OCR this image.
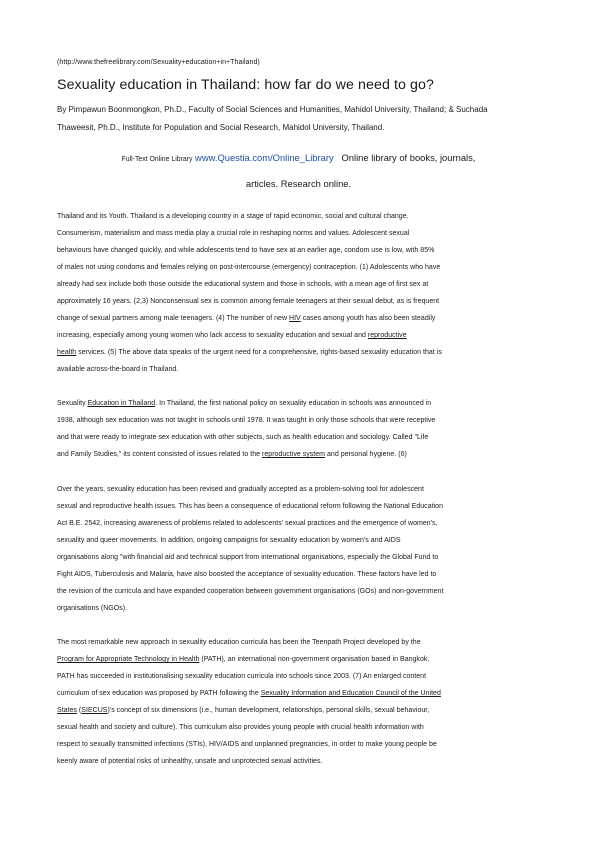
(http://www.thefreelibrary.com/Sexuality+education+in+Thailand)
Sexuality education in Thailand: how far do we need to go?
By Pimpawun Boonmongkon, Ph.D., Faculty of Social Sciences and Humanities, Mahidol University, Thailand; & Suchada
Thaweesit, Ph.D., Institute for Population and Social Research, Mahidol University, Thailand.
Full-Text Online Library www.Questia.com/Online_Library Online library of books, journals,
articles. Research online.
Thailand and its Youth. Thailand is a developing country in a stage of rapid economic, social and cultural change.
Consumerism, materialism and mass media play a crucial role in reshaping norms and values. Adolescent sexual
behaviours have changed quickly, and while adolescents tend to have sex at an earlier age, condom use is low, with 85%
of males not using condoms and females relying on post-intercourse (emergency) contraception. (1) Adolescents who have
already had sex include both those outside the educational system and those in schools, with a mean age of first sex at
approximately 16 years. (2,3) Nonconsensual sex is common among female teenagers at their sexual debut, as is frequent
change of sexual partners among male teenagers. (4) The number of new HIV cases among youth has also been steadily
increasing, especially among young women who lack access to sexuality education and sexual and reproductive
health services. (5) The above data speaks of the urgent need for a comprehensive, rights-based sexuality education that is
available across-the-board in Thailand.
Sexuality Education in Thailand. In Thailand, the first national policy on sexuality education in schools was announced in
1938, although sex education was not taught in schools until 1978. It was taught in only those schools that were receptive
and that were ready to integrate sex education with other subjects, such as health education and sociology. Called "Life
and Family Studies," its content consisted of issues related to the reproductive system and personal hygiene. (6)
Over the years, sexuality education has been revised and gradually accepted as a problem-solving tool for adolescent
sexual and reproductive health issues. This has been a consequence of educational reform following the National Education
Act B.E. 2542, increasing awareness of problems related to adolescents' sexual practices and the emergence of women's,
sexuality and queer movements. In addition, ongoing campaigns for sexuality education by women's and AIDS
organisations along "with financial aid and technical support from international organisations, especially the Global Fund to
Fight AIDS, Tuberculosis and Malaria, have also boosted the acceptance of sexuality education. These factors have led to
the revision of the curricula and have expanded cooperation between government organisations (GOs) and non-government
organisations (NGOs).
The most remarkable new approach in sexuality education curricula has been the Teenpath Project developed by the
Program for Appropriate Technology in Health (PATH), an international non-government organisation based in Bangkok.
PATH has succeeded in institutionalising sexuality education curricula into schools since 2003. (7) An enlarged content
curriculum of sex education was proposed by PATH following the Sexuality Information and Education Council of the United
States (SIECUS)'s concept of six dimensions (i.e., human development, relationships, personal skills, sexual behaviour,
sexual health and society and culture). This curriculum also provides young people with crucial health information with
respect to sexually transmitted infections (STIs), HIV/AIDS and unplanned pregnancies, in order to make young people be
keenly aware of potential risks of unhealthy, unsafe and unprotected sexual activities.
